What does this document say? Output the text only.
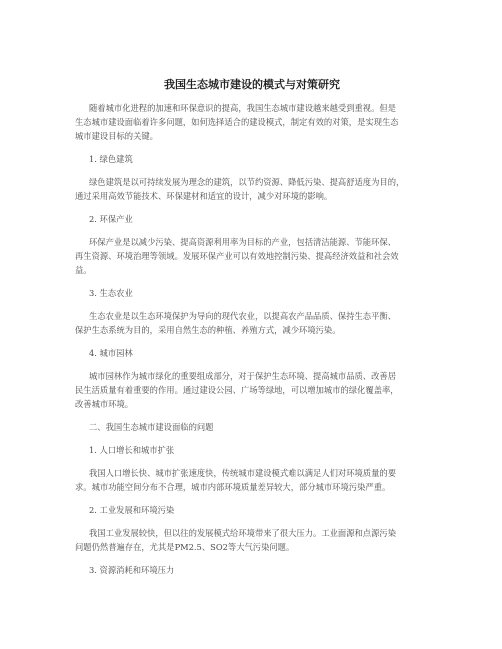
我国生态城市建设的模式与对策研究
随着城市化进程的加速和环保意识的提高，我国生态城市建设越来越受到重视。但是
生态城市建设面临着许多问题，如何选择适合的建设模式，制定有效的对策，是实现生态
城市建设目标的关键。
1. 绿色建筑
绿色建筑是以可持续发展为理念的建筑，以节约资源、降低污染、提高舒适度为目的，
通过采用高效节能技术、环保建材和适宜的设计，减少对环境的影响。
2. 环保产业
环保产业是以减少污染、提高资源利用率为目标的产业，包括清洁能源、节能环保、
再生资源、环境治理等领域。发展环保产业可以有效地控制污染、提高经济效益和社会效
益。
3. 生态农业
生态农业是以生态环境保护为导向的现代农业，以提高农产品品质、保持生态平衡、
保护生态系统为目的，采用自然生态的种植、养殖方式，减少环境污染。
4. 城市园林
城市园林作为城市绿化的重要组成部分，对于保护生态环境、提高城市品质、改善居
民生活质量有着重要的作用。通过建设公园、广场等绿地，可以增加城市的绿化覆盖率，
改善城市环境。
二、我国生态城市建设面临的问题
1. 人口增长和城市扩张
我国人口增长快、城市扩张速度快，传统城市建设模式难以满足人们对环境质量的要
求。城市功能空间分布不合理，城市内部环境质量差异较大，部分城市环境污染严重。
2. 工业发展和环境污染
我国工业发展较快，但以往的发展模式给环境带来了很大压力。工业面源和点源污染
问题仍然普遍存在，尤其是PM2.5、SO2等大气污染问题。
3. 资源消耗和环境压力
